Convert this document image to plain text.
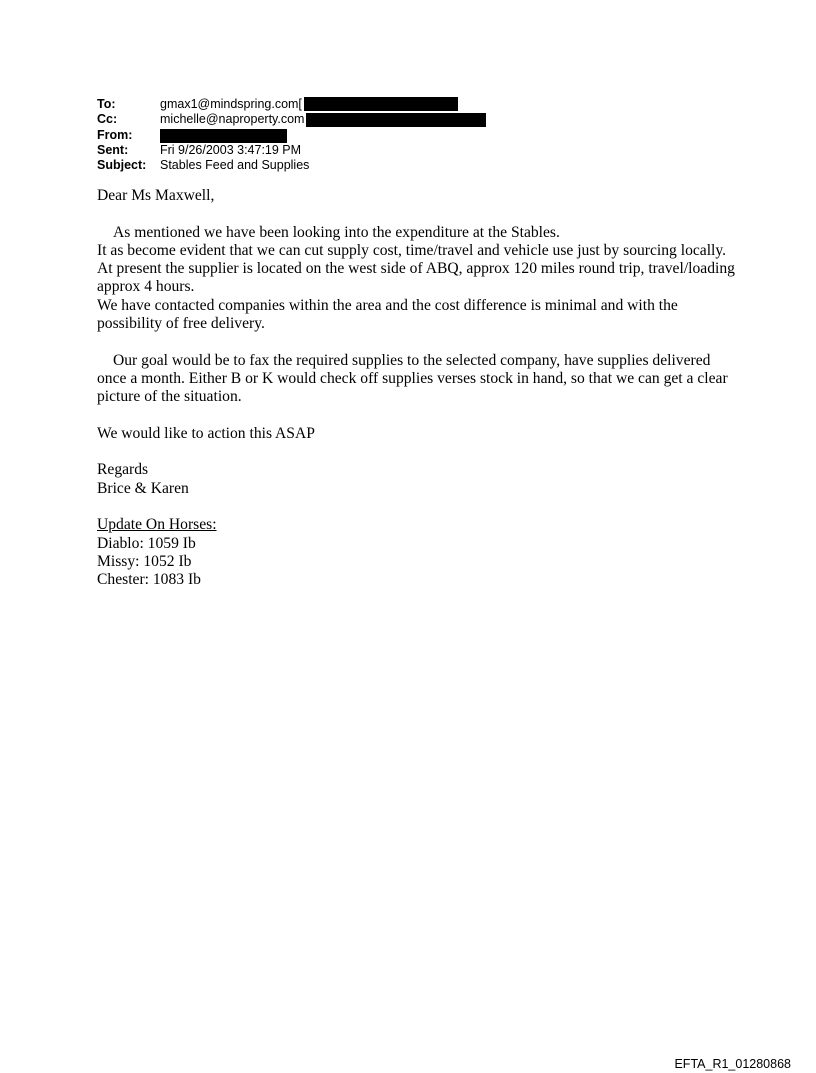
To:	gmax1@mindspring.com[
Cc:	michelle@naproperty.com
From:
Sent:	Fri 9/26/2003 3:47:19 PM
Subject:	Stables Feed and Supplies

Dear Ms Maxwell,

As mentioned we have been looking into the expenditure at the Stables.

It as become evident that we can cut supply cost, time/travel and vehicle use just by sourcing locally. At present the supplier is located on the west side of ABQ, approx 120 miles round trip, travel/loading approx 4 hours.

We have contacted companies within the area and the cost difference is minimal and with the possibility of free delivery.

Our goal would be to fax the required supplies to the selected company, have supplies delivered once a month. Either B or K would check off supplies verses stock in hand, so that we can get a clear picture of the situation.

We would like to action this ASAP

Regards

Brice & Karen

Update On Horses:

Diablo: 1059 Ib

Missy: 1052 Ib

Chester: 1083 Ib

EFTA_R1_01280868
